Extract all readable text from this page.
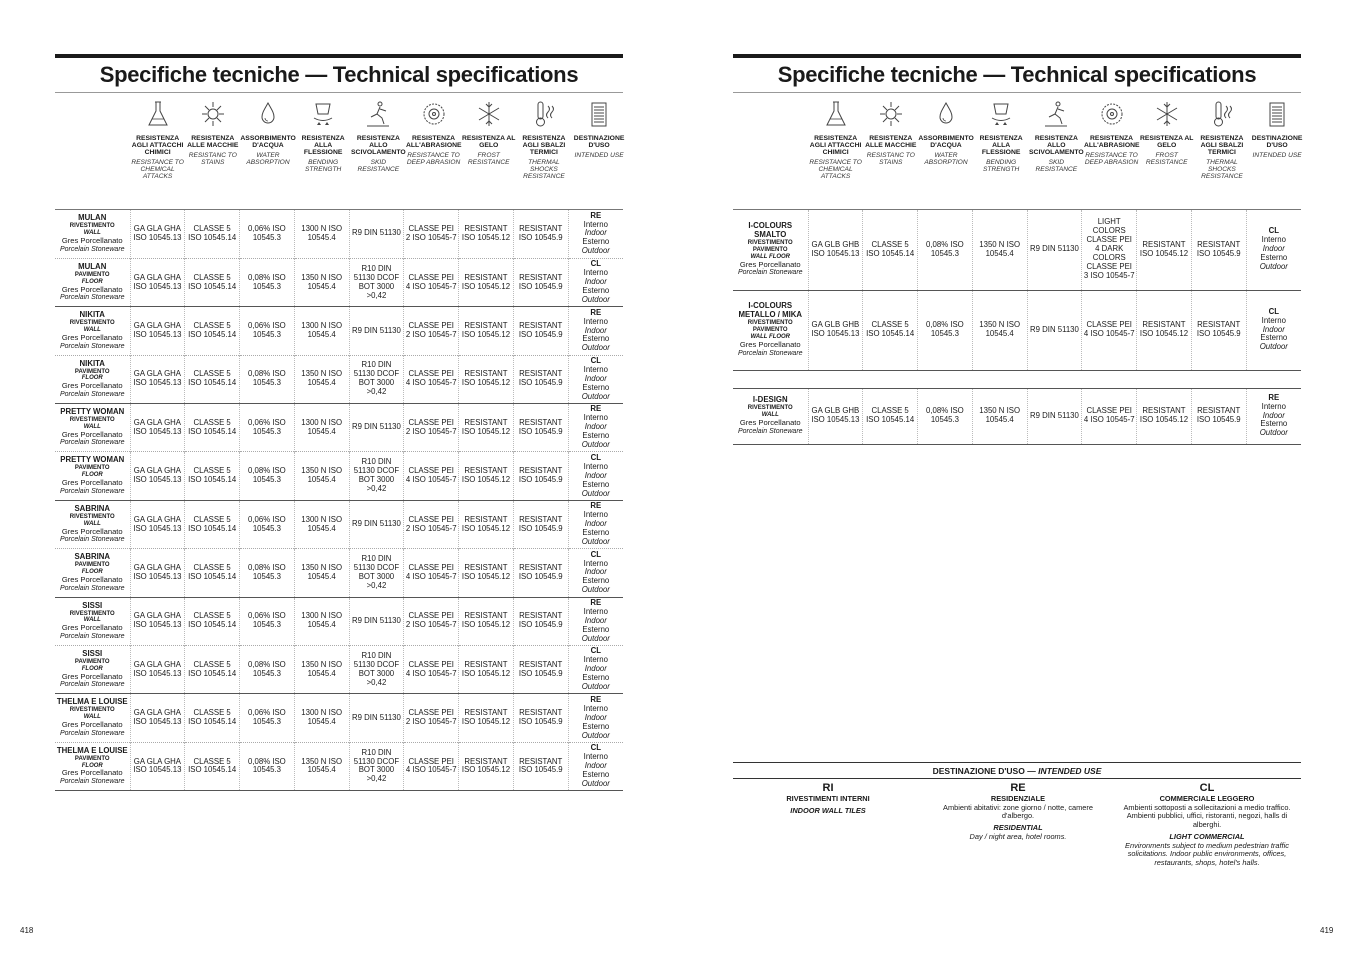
Specifiche tecniche — Technical specifications
RESISTENZA AGLI ATTACCHI CHIMICI
RESISTANCE TO CHEMICAL ATTACKS
RESISTENZA ALLE MACCHIE
RESISTANC TO STAINS
ASSORBIMENTO D'ACQUA
WATER ABSORPTION
RESISTENZA ALLA FLESSIONE
BENDING STRENGTH
RESISTENZA ALLO SCIVOLAMENTO
SKID RESISTANCE
RESISTENZA ALL'ABRASIONE
RESISTANCE TO DEEP ABRASION
RESISTENZA AL GELO
FROST RESISTANCE
RESISTENZA AGLI SBALZI TERMICI
THERMAL SHOCKS RESISTANCE
DESTINAZIONE D'USO
INTENDED USE
MULAN
RIVESTIMENTO
WALL
Gres Porcellanato
Porcelain Stoneware	GA GLA GHA ISO 10545.13	CLASSE 5 ISO 10545.14	0,06% ISO 10545.3	1300 N ISO 10545.4	R9 DIN 51130	CLASSE PEI 2 ISO 10545-7	RESISTANT ISO 10545.12	RESISTANT ISO 10545.9	RE
Interno
Indoor
Esterno
Outdoor

MULAN
PAVIMENTO
FLOOR
Gres Porcellanato
Porcelain Stoneware	GA GLA GHA ISO 10545.13	CLASSE 5 ISO 10545.14	0,08% ISO 10545.3	1350 N ISO 10545.4	R10 DIN 51130 DCOF BOT 3000 >0,42	CLASSE PEI 4 ISO 10545-7	RESISTANT ISO 10545.12	RESISTANT ISO 10545.9	CL
Interno
Indoor
Esterno
Outdoor

NIKITA
RIVESTIMENTO
WALL
Gres Porcellanato
Porcelain Stoneware	GA GLA GHA ISO 10545.13	CLASSE 5 ISO 10545.14	0,06% ISO 10545.3	1300 N ISO 10545.4	R9 DIN 51130	CLASSE PEI 2 ISO 10545-7	RESISTANT ISO 10545.12	RESISTANT ISO 10545.9	RE
Interno
Indoor
Esterno
Outdoor

NIKITA
PAVIMENTO
FLOOR
Gres Porcellanato
Porcelain Stoneware	GA GLA GHA ISO 10545.13	CLASSE 5 ISO 10545.14	0,08% ISO 10545.3	1350 N ISO 10545.4	R10 DIN 51130 DCOF BOT 3000 >0,42	CLASSE PEI 4 ISO 10545-7	RESISTANT ISO 10545.12	RESISTANT ISO 10545.9	CL
Interno
Indoor
Esterno
Outdoor

PRETTY WOMAN
RIVESTIMENTO
WALL
Gres Porcellanato
Porcelain Stoneware	GA GLA GHA ISO 10545.13	CLASSE 5 ISO 10545.14	0,06% ISO 10545.3	1300 N ISO 10545.4	R9 DIN 51130	CLASSE PEI 2 ISO 10545-7	RESISTANT ISO 10545.12	RESISTANT ISO 10545.9	RE
Interno
Indoor
Esterno
Outdoor

PRETTY WOMAN
PAVIMENTO
FLOOR
Gres Porcellanato
Porcelain Stoneware	GA GLA GHA ISO 10545.13	CLASSE 5 ISO 10545.14	0,08% ISO 10545.3	1350 N ISO 10545.4	R10 DIN 51130 DCOF BOT 3000 >0,42	CLASSE PEI 4 ISO 10545-7	RESISTANT ISO 10545.12	RESISTANT ISO 10545.9	CL
Interno
Indoor
Esterno
Outdoor

SABRINA
RIVESTIMENTO
WALL
Gres Porcellanato
Porcelain Stoneware	GA GLA GHA ISO 10545.13	CLASSE 5 ISO 10545.14	0,06% ISO 10545.3	1300 N ISO 10545.4	R9 DIN 51130	CLASSE PEI 2 ISO 10545-7	RESISTANT ISO 10545.12	RESISTANT ISO 10545.9	RE
Interno
Indoor
Esterno
Outdoor

SABRINA
PAVIMENTO
FLOOR
Gres Porcellanato
Porcelain Stoneware	GA GLA GHA ISO 10545.13	CLASSE 5 ISO 10545.14	0,08% ISO 10545.3	1350 N ISO 10545.4	R10 DIN 51130 DCOF BOT 3000 >0,42	CLASSE PEI 4 ISO 10545-7	RESISTANT ISO 10545.12	RESISTANT ISO 10545.9	CL
Interno
Indoor
Esterno
Outdoor

SISSI
RIVESTIMENTO
WALL
Gres Porcellanato
Porcelain Stoneware	GA GLA GHA ISO 10545.13	CLASSE 5 ISO 10545.14	0,06% ISO 10545.3	1300 N ISO 10545.4	R9 DIN 51130	CLASSE PEI 2 ISO 10545-7	RESISTANT ISO 10545.12	RESISTANT ISO 10545.9	RE
Interno
Indoor
Esterno
Outdoor

SISSI
PAVIMENTO
FLOOR
Gres Porcellanato
Porcelain Stoneware	GA GLA GHA ISO 10545.13	CLASSE 5 ISO 10545.14	0,08% ISO 10545.3	1350 N ISO 10545.4	R10 DIN 51130 DCOF BOT 3000 >0,42	CLASSE PEI 4 ISO 10545-7	RESISTANT ISO 10545.12	RESISTANT ISO 10545.9	CL
Interno
Indoor
Esterno
Outdoor

THELMA E LOUISE
RIVESTIMENTO
WALL
Gres Porcellanato
Porcelain Stoneware	GA GLA GHA ISO 10545.13	CLASSE 5 ISO 10545.14	0,06% ISO 10545.3	1300 N ISO 10545.4	R9 DIN 51130	CLASSE PEI 2 ISO 10545-7	RESISTANT ISO 10545.12	RESISTANT ISO 10545.9	RE
Interno
Indoor
Esterno
Outdoor

THELMA E LOUISE
PAVIMENTO
FLOOR
Gres Porcellanato
Porcelain Stoneware	GA GLA GHA ISO 10545.13	CLASSE 5 ISO 10545.14	0,08% ISO 10545.3	1350 N ISO 10545.4	R10 DIN 51130 DCOF BOT 3000 >0,42	CLASSE PEI 4 ISO 10545-7	RESISTANT ISO 10545.12	RESISTANT ISO 10545.9	CL
Interno
Indoor
Esterno
Outdoor
Specifiche tecniche — Technical specifications
RESISTENZA AGLI ATTACCHI CHIMICI
RESISTANCE TO CHEMICAL ATTACKS
RESISTENZA ALLE MACCHIE
RESISTANC TO STAINS
ASSORBIMENTO D'ACQUA
WATER ABSORPTION
RESISTENZA ALLA FLESSIONE
BENDING STRENGTH
RESISTENZA ALLO SCIVOLAMENTO
SKID RESISTANCE
RESISTENZA ALL'ABRASIONE
RESISTANCE TO DEEP ABRASION
RESISTENZA AL GELO
FROST RESISTANCE
RESISTENZA AGLI SBALZI TERMICI
THERMAL SHOCKS RESISTANCE
DESTINAZIONE D'USO
INTENDED USE
I-COLOURS SMALTO
RIVESTIMENTO PAVIMENTO
WALL FLOOR
Gres Porcellanato
Porcelain Stoneware	GA GLB GHB ISO 10545.13	CLASSE 5 ISO 10545.14	0,08% ISO 10545.3	1350 N ISO 10545.4	R9 DIN 51130	LIGHT COLORS CLASSE PEI 4 DARK COLORS CLASSE PEI 3 ISO 10545-7	RESISTANT ISO 10545.12	RESISTANT ISO 10545.9	CL
Interno
Indoor
Esterno
Outdoor

I-COLOURS METALLO / MIKA
RIVESTIMENTO PAVIMENTO
WALL FLOOR
Gres Porcellanato
Porcelain Stoneware	GA GLB GHB ISO 10545.13	CLASSE 5 ISO 10545.14	0,08% ISO 10545.3	1350 N ISO 10545.4	R9 DIN 51130	CLASSE PEI 4 ISO 10545-7	RESISTANT ISO 10545.12	RESISTANT ISO 10545.9	CL
Interno
Indoor
Esterno
Outdoor

I-DESIGN
RIVESTIMENTO
WALL
Gres Porcellanato
Porcelain Stoneware	GA GLB GHB ISO 10545.13	CLASSE 5 ISO 10545.14	0,08% ISO 10545.3	1350 N ISO 10545.4	R9 DIN 51130	CLASSE PEI 4 ISO 10545-7	RESISTANT ISO 10545.12	RESISTANT ISO 10545.9	RE
Interno
Indoor
Esterno
Outdoor
DESTINAZIONE D'USO — INTENDED USE
RI
RIVESTIMENTI INTERNI
INDOOR WALL TILES
RE
RESIDENZIALE
Ambienti abitativi: zone giorno / notte, camere d'albergo.
RESIDENTIAL
Day / night area, hotel rooms.
CL
COMMERCIALE LEGGERO
Ambienti sottoposti a sollecitazioni a medio traffico. Ambienti pubblici, uffici, ristoranti, negozi, halls di alberghi.
LIGHT COMMERCIAL
Environments subject to medium pedestrian traffic solicitations. Indoor public environments, offices, restaurants, shops, hotel's halls.
418	419
